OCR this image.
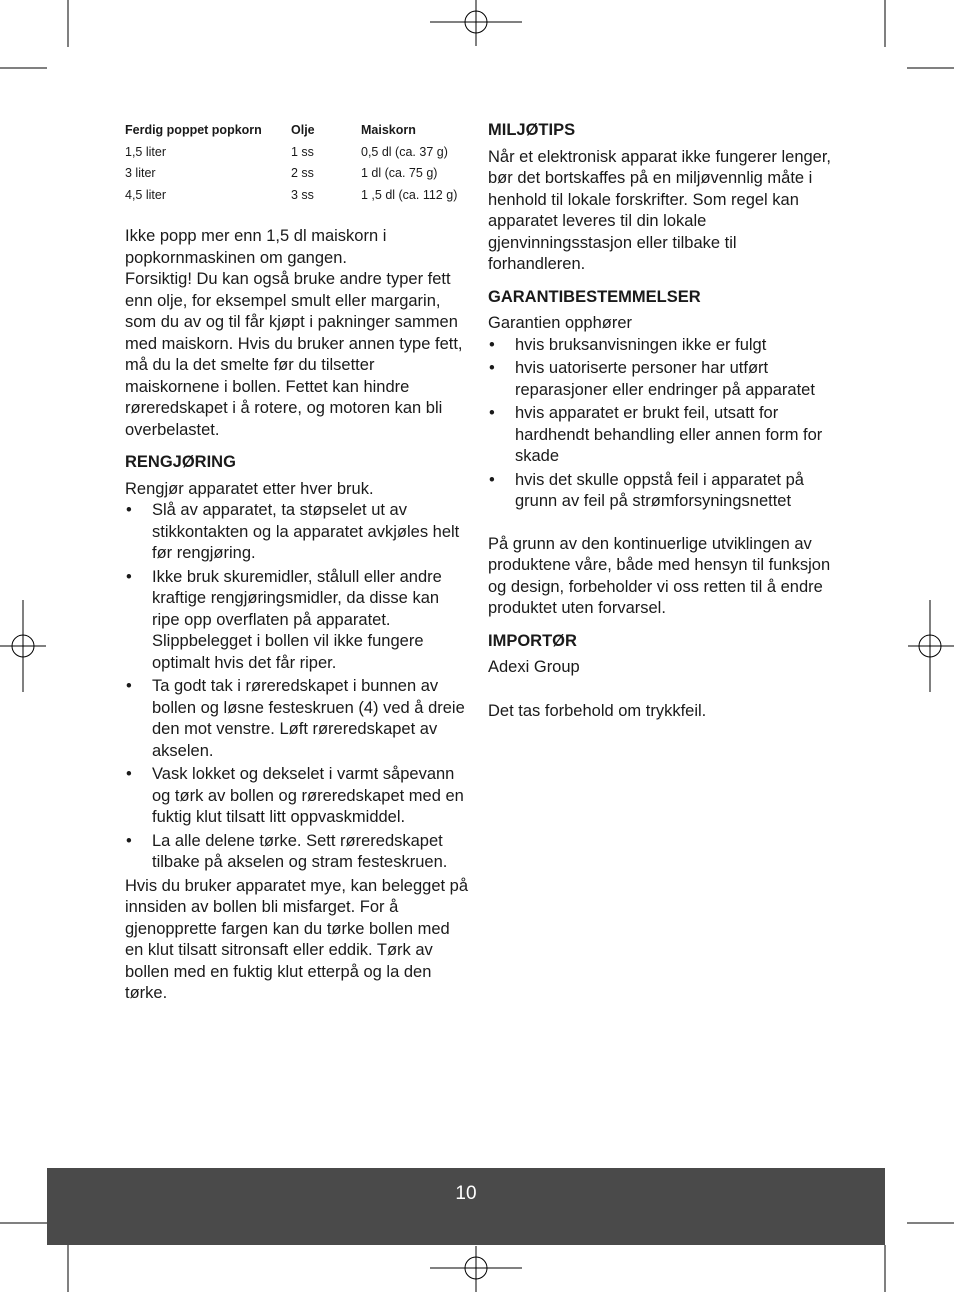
Ferdig poppet popkorn	Olje	Maiskorn
1,5 liter	1 ss	0,5 dl (ca. 37 g)
3 liter	2 ss	1 dl (ca. 75 g)
4,5 liter	3 ss	1 ,5 dl (ca. 112 g)

Ikke popp mer enn 1,5 dl maiskorn i popkornmaskinen om gangen.

Forsiktig! Du kan også bruke andre typer fett enn olje, for eksempel smult eller margarin, som du av og til får kjøpt i pakninger sammen med maiskorn. Hvis du bruker annen type fett, må du la det smelte før du tilsetter maiskornene i bollen. Fettet kan hindre røreredskapet i å rotere, og motoren kan bli overbelastet.

RENGJØRING

Rengjør apparatet etter hver bruk.

• Slå av apparatet, ta støpselet ut av stikkontakten og la apparatet avkjøles helt før rengjøring.
• Ikke bruk skuremidler, stålull eller andre kraftige rengjøringsmidler, da disse kan ripe opp overflaten på apparatet. Slippbelegget i bollen vil ikke fungere optimalt hvis det får riper.
• Ta godt tak i røreredskapet i bunnen av bollen og løsne festeskruen (4) ved å dreie den mot venstre. Løft røreredskapet av akselen.
• Vask lokket og dekselet i varmt såpevann og tørk av bollen og røreredskapet med en fuktig klut tilsatt litt oppvaskmiddel.
• La alle delene tørke. Sett røreredskapet tilbake på akselen og stram festeskruen.

Hvis du bruker apparatet mye, kan belegget på innsiden av bollen bli misfarget. For å gjenopprette fargen kan du tørke bollen med en klut tilsatt sitronsaft eller eddik. Tørk av bollen med en fuktig klut etterpå og la den tørke.

MILJØTIPS

Når et elektronisk apparat ikke fungerer lenger, bør det bortskaffes på en miljøvennlig måte i henhold til lokale forskrifter. Som regel kan apparatet leveres til din lokale gjenvinningsstasjon eller tilbake til forhandleren.

GARANTIBESTEMMELSER

Garantien opphører

• hvis bruksanvisningen ikke er fulgt
• hvis uatoriserte personer har utført reparasjoner eller endringer på apparatet
• hvis apparatet er brukt feil, utsatt for hardhendt behandling eller annen form for skade
• hvis det skulle oppstå feil i apparatet på grunn av feil på strømforsyningsnettet

På grunn av den kontinuerlige utviklingen av produktene våre, både med hensyn til funksjon og design, forbeholder vi oss retten til å endre produktet uten forvarsel.

IMPORTØR

Adexi Group

Det tas forbehold om trykkfeil.

10
